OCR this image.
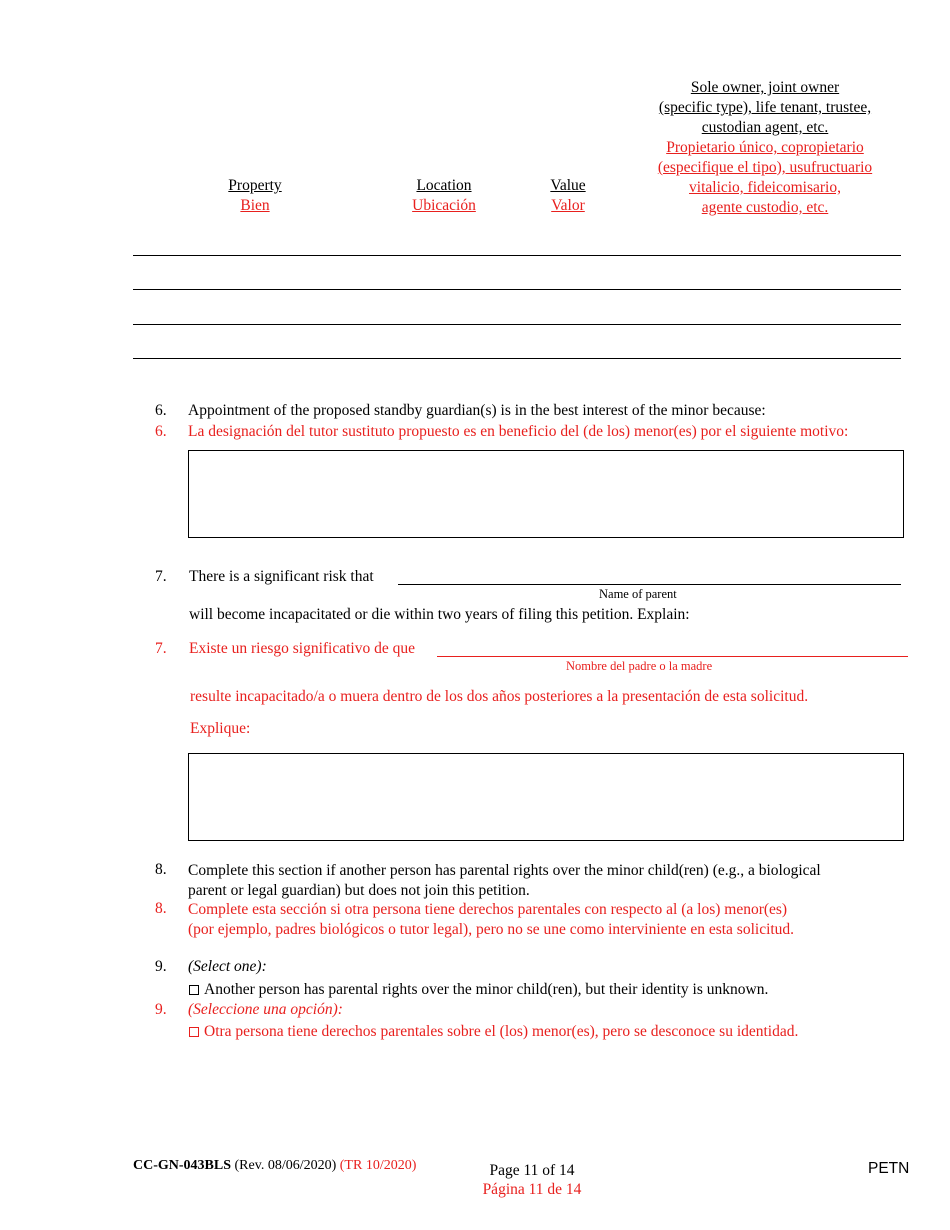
Sole owner, joint owner
(specific type), life tenant, trustee,
custodian agent, etc.
Propietario único, copropietario
(especifique el tipo), usufructuario
vitalicio, fideicomisario,
agente custodio, etc.
Property
Bien
Location
Ubicación
Value
Valor
6. Appointment of the proposed standby guardian(s) is in the best interest of the minor because:
6. La designación del tutor sustituto propuesto es en beneficio del (de los) menor(es) por el siguiente motivo:
7. There is a significant risk that
Name of parent
will become incapacitated or die within two years of filing this petition. Explain:
7. Existe un riesgo significativo de que
Nombre del padre o la madre
resulte incapacitado/a o muera dentro de los dos años posteriores a la presentación de esta solicitud.
Explique:
8. Complete this section if another person has parental rights over the minor child(ren) (e.g., a biological
parent or legal guardian) but does not join this petition.
8. Complete esta sección si otra persona tiene derechos parentales con respecto al (a los) menor(es)
(por ejemplo, padres biológicos o tutor legal), pero no se une como interviniente en esta solicitud.
9. (Select one):
Another person has parental rights over the minor child(ren), but their identity is unknown.
9. (Seleccione una opción):
Otra persona tiene derechos parentales sobre el (los) menor(es), pero se desconoce su identidad.
CC-GN-043BLS (Rev. 08/06/2020) (TR 10/2020)	Page 11 of 14
Página 11 de 14
PETN
